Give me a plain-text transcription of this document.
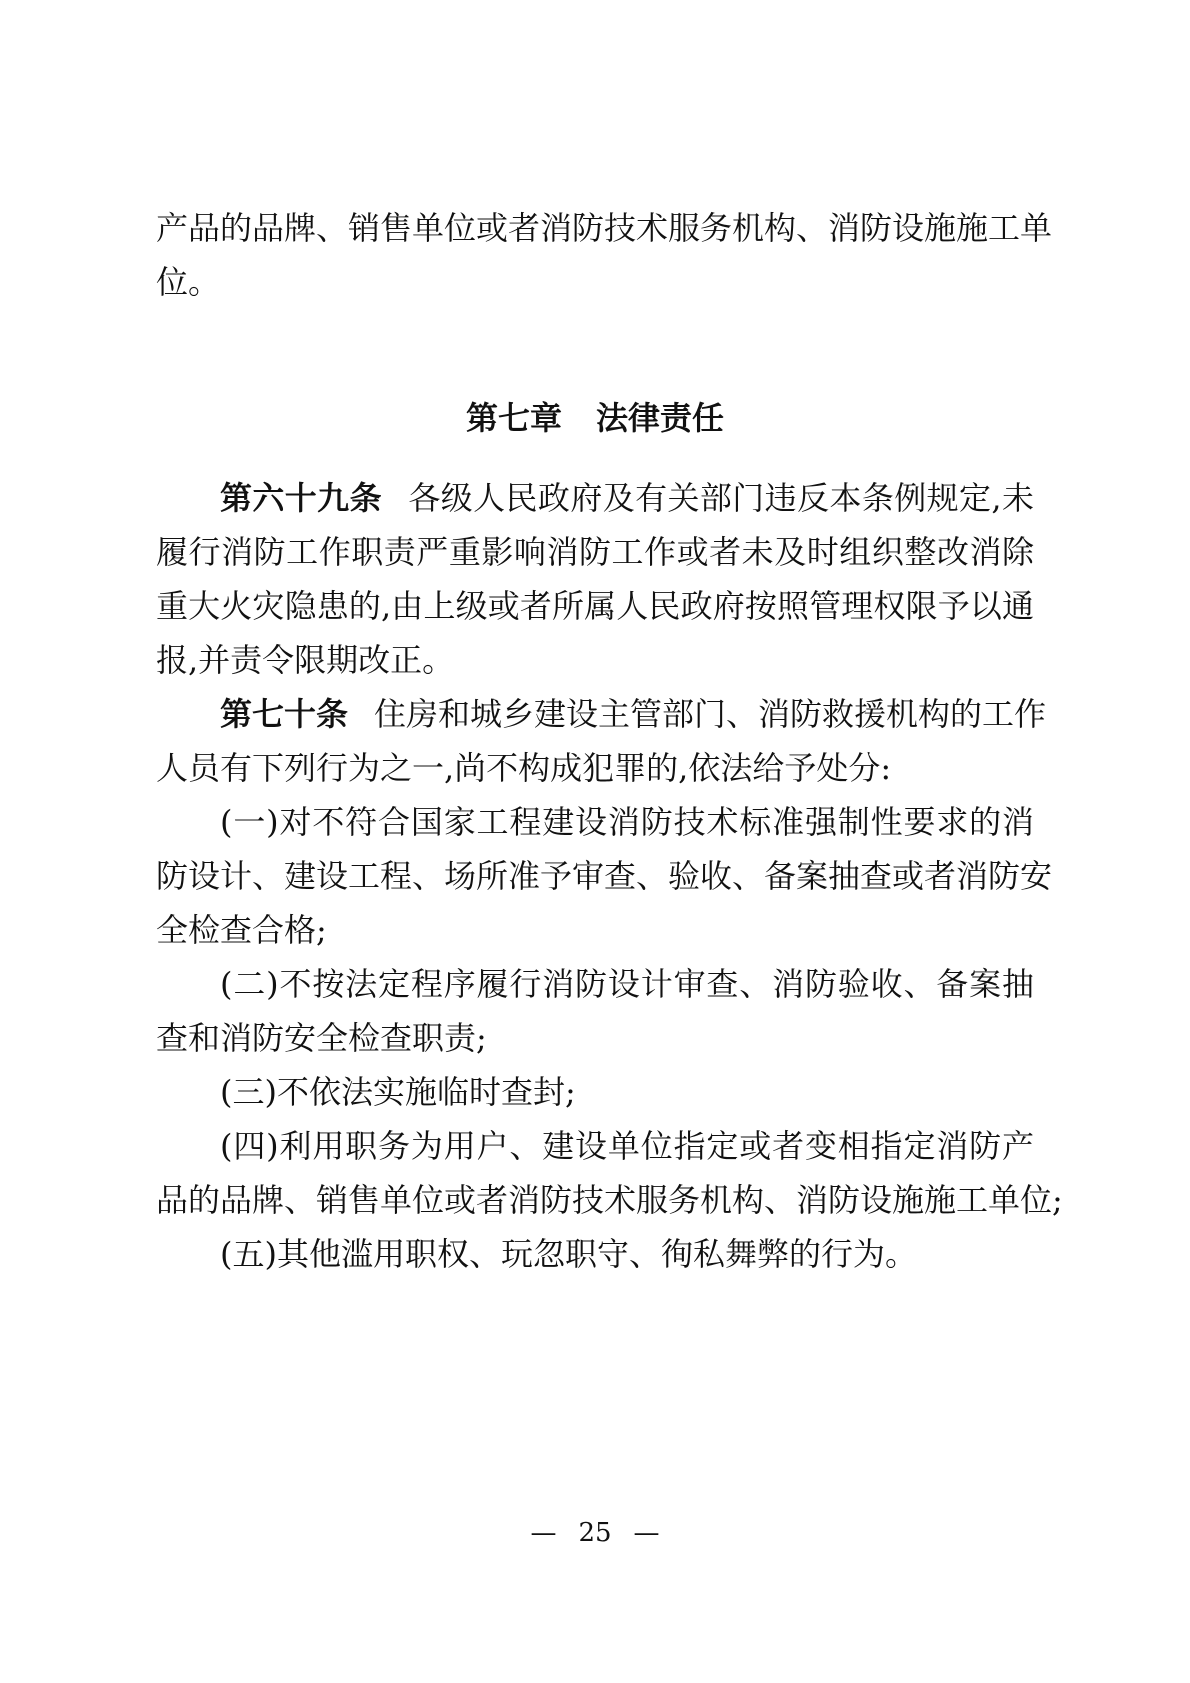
产品的品牌、销售单位或者消防技术服务机构、消防设施施工单

位。

第七章 法律责任

第六十九条 各级人民政府及有关部门违反本条例规定,未

履行消防工作职责严重影响消防工作或者未及时组织整改消除

重大火灾隐患的,由上级或者所属人民政府按照管理权限予以通

报,并责令限期改正。

第七十条 住房和城乡建设主管部门、消防救援机构的工作

人员有下列行为之一,尚不构成犯罪的,依法给予处分:

(一)对不符合国家工程建设消防技术标准强制性要求的消

防设计、建设工程、场所准予审查、验收、备案抽查或者消防安

全检查合格;

(二)不按法定程序履行消防设计审查、消防验收、备案抽

查和消防安全检查职责;

(三)不依法实施临时查封;

(四)利用职务为用户、建设单位指定或者变相指定消防产

品的品牌、销售单位或者消防技术服务机构、消防设施施工单位;

(五)其他滥用职权、玩忽职守、徇私舞弊的行为。

— 25 —
